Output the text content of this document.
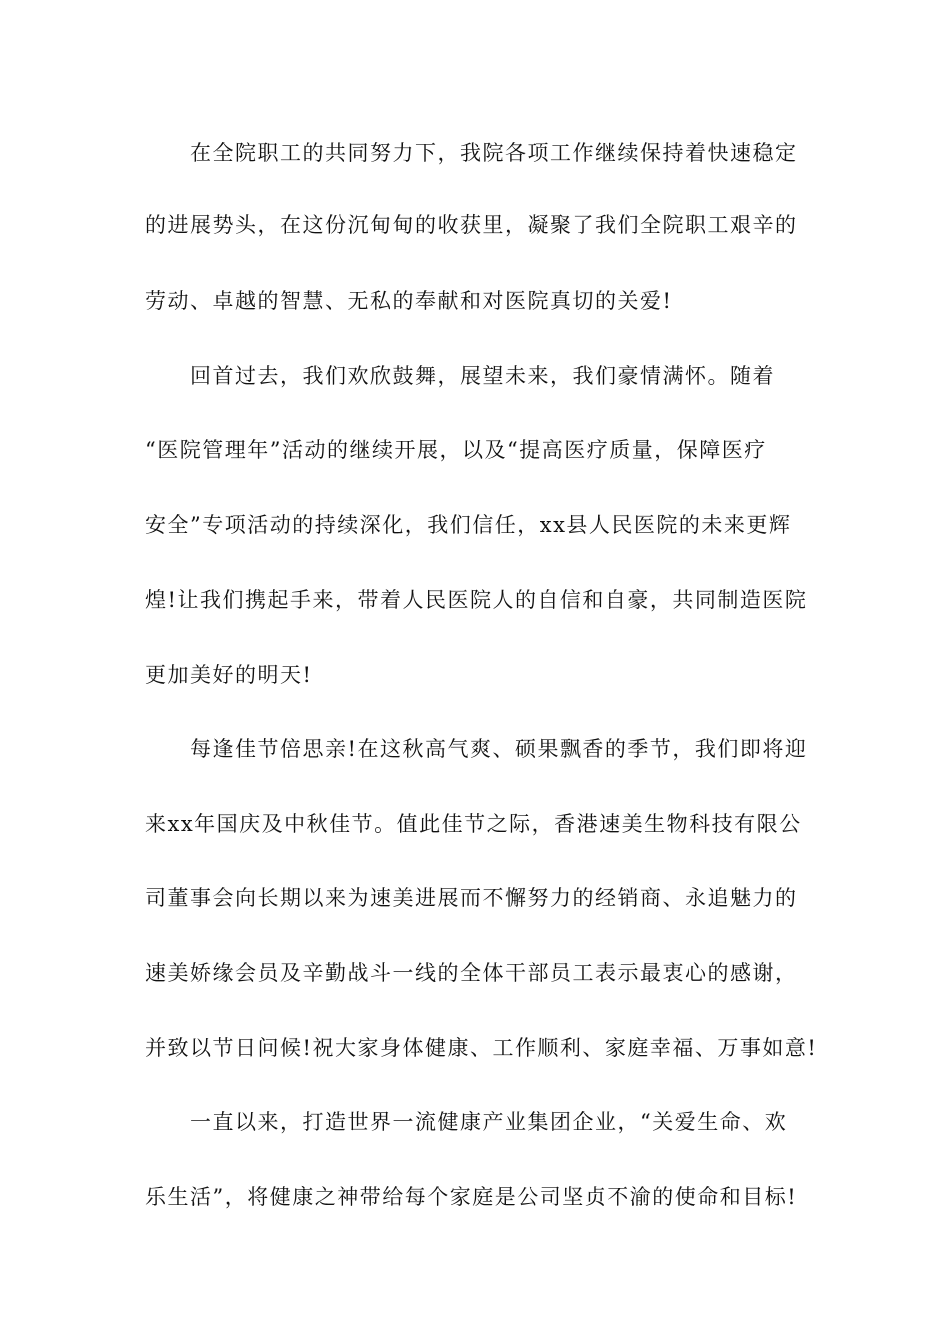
在全院职工的共同努力下，我院各项工作继续保持着快速稳定
的进展势头，在这份沉甸甸的收获里，凝聚了我们全院职工艰辛的
劳动、卓越的智慧、无私的奉献和对医院真切的关爱!
回首过去，我们欢欣鼓舞，展望未来，我们豪情满怀。随着
“医院管理年”活动的继续开展，以及“提高医疗质量，保障医疗
安全”专项活动的持续深化，我们信任，xx县人民医院的未来更辉
煌!让我们携起手来，带着人民医院人的自信和自豪，共同制造医院
更加美好的明天!
每逢佳节倍思亲!在这秋高气爽、硕果飘香的季节，我们即将迎
来xx年国庆及中秋佳节。值此佳节之际，香港速美生物科技有限公
司董事会向长期以来为速美进展而不懈努力的经销商、永追魅力的
速美娇缘会员及辛勤战斗一线的全体干部员工表示最衷心的感谢，
并致以节日问候!祝大家身体健康、工作顺利、家庭幸福、万事如意!
一直以来，打造世界一流健康产业集团企业，“关爱生命、欢
乐生活”，将健康之神带给每个家庭是公司坚贞不渝的使命和目标!
